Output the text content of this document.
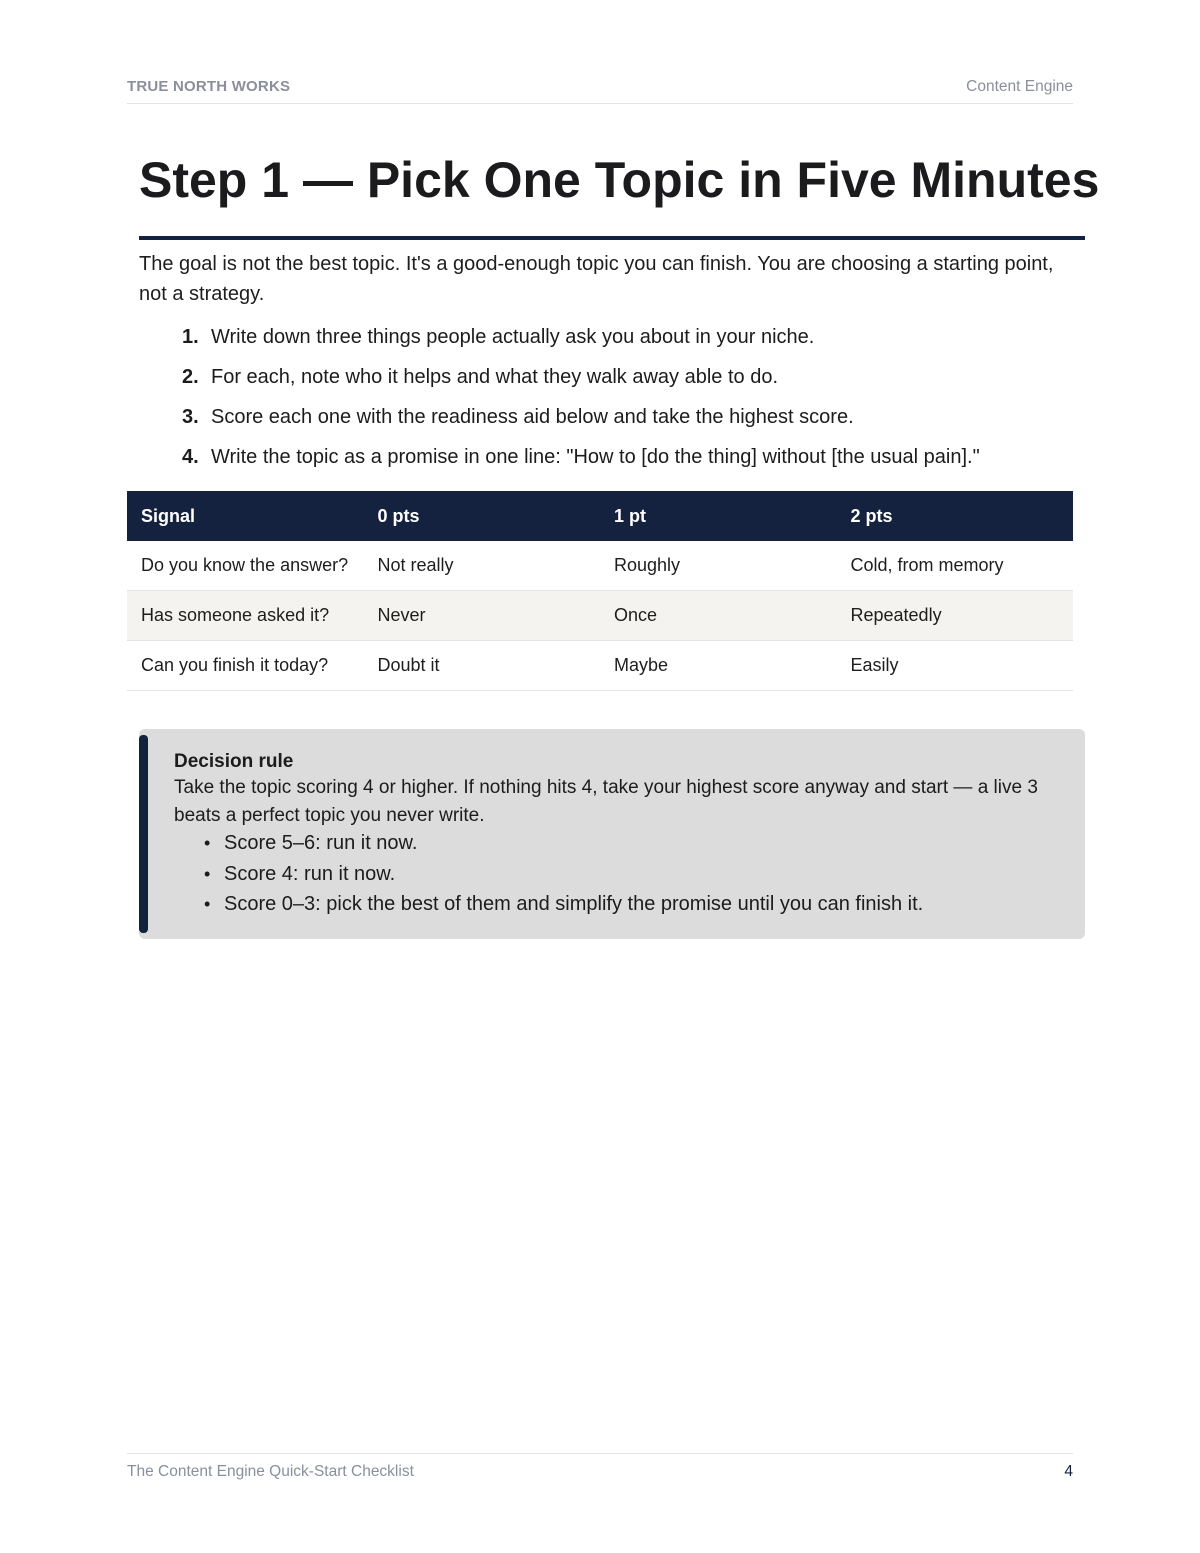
TRUE NORTH WORKS	Content Engine
Step 1 — Pick One Topic in Five Minutes

The goal is not the best topic. It's a good-enough topic you can finish. You are choosing a starting point, not a strategy.

1. Write down three things people actually ask you about in your niche.
2. For each, note who it helps and what they walk away able to do.
3. Score each one with the readiness aid below and take the highest score.
4. Write the topic as a promise in one line: "How to [do the thing] without [the usual pain]."
Signal	0 pts	1 pt	2 pts
Do you know the answer?	Not really	Roughly	Cold, from memory
Has someone asked it?	Never	Once	Repeatedly
Can you finish it today?	Doubt it	Maybe	Easily
Decision rule

Take the topic scoring 4 or higher. If nothing hits 4, take your highest score anyway and start — a live 3 beats a perfect topic you never write.

• Score 5–6: run it now.
• Score 4: run it now.
• Score 0–3: pick the best of them and simplify the promise until you can finish it.
The Content Engine Quick-Start Checklist	4
